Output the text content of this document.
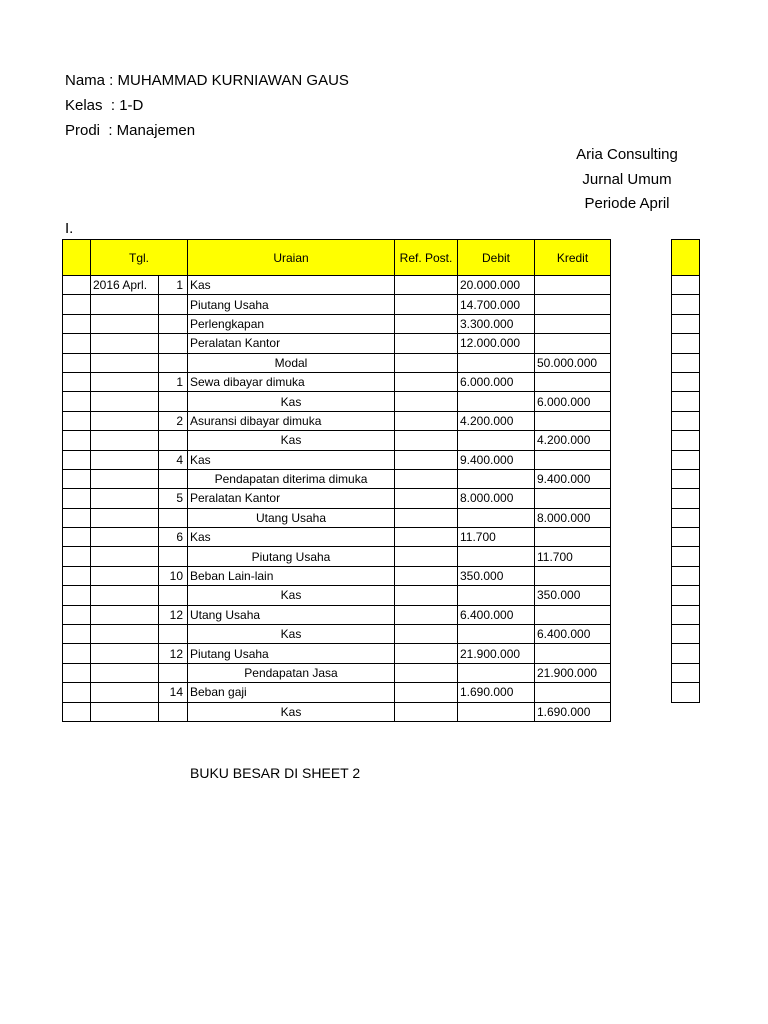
Nama : MUHAMMAD KURNIAWAN GAUS
Kelas  : 1-D
Prodi  : Manajemen
Aria Consulting
Jurnal Umum
Periode April
I.
	Tgl.		Uraian	Ref. Post.	Debit	Kredit
	2016 Aprl.	1	Kas		20.000.000	
			Piutang Usaha		14.700.000	
			Perlengkapan		3.300.000	
			Peralatan Kantor		12.000.000	
			Modal			50.000.000
		1	Sewa dibayar dimuka		6.000.000	
			Kas			6.000.000
		2	Asuransi dibayar dimuka		4.200.000	
			Kas			4.200.000
		4	Kas		9.400.000	
			Pendapatan diterima dimuka			9.400.000
		5	Peralatan Kantor		8.000.000	
			Utang Usaha			8.000.000
		6	Kas		11.700	
			Piutang Usaha			11.700
		10	Beban Lain-lain		350.000	
			Kas			350.000
		12	Utang Usaha		6.400.000	
			Kas			6.400.000
		12	Piutang Usaha		21.900.000	
			Pendapatan Jasa			21.900.000
		14	Beban gaji		1.690.000	
			Kas			1.690.000

BUKU BESAR DI SHEET 2
